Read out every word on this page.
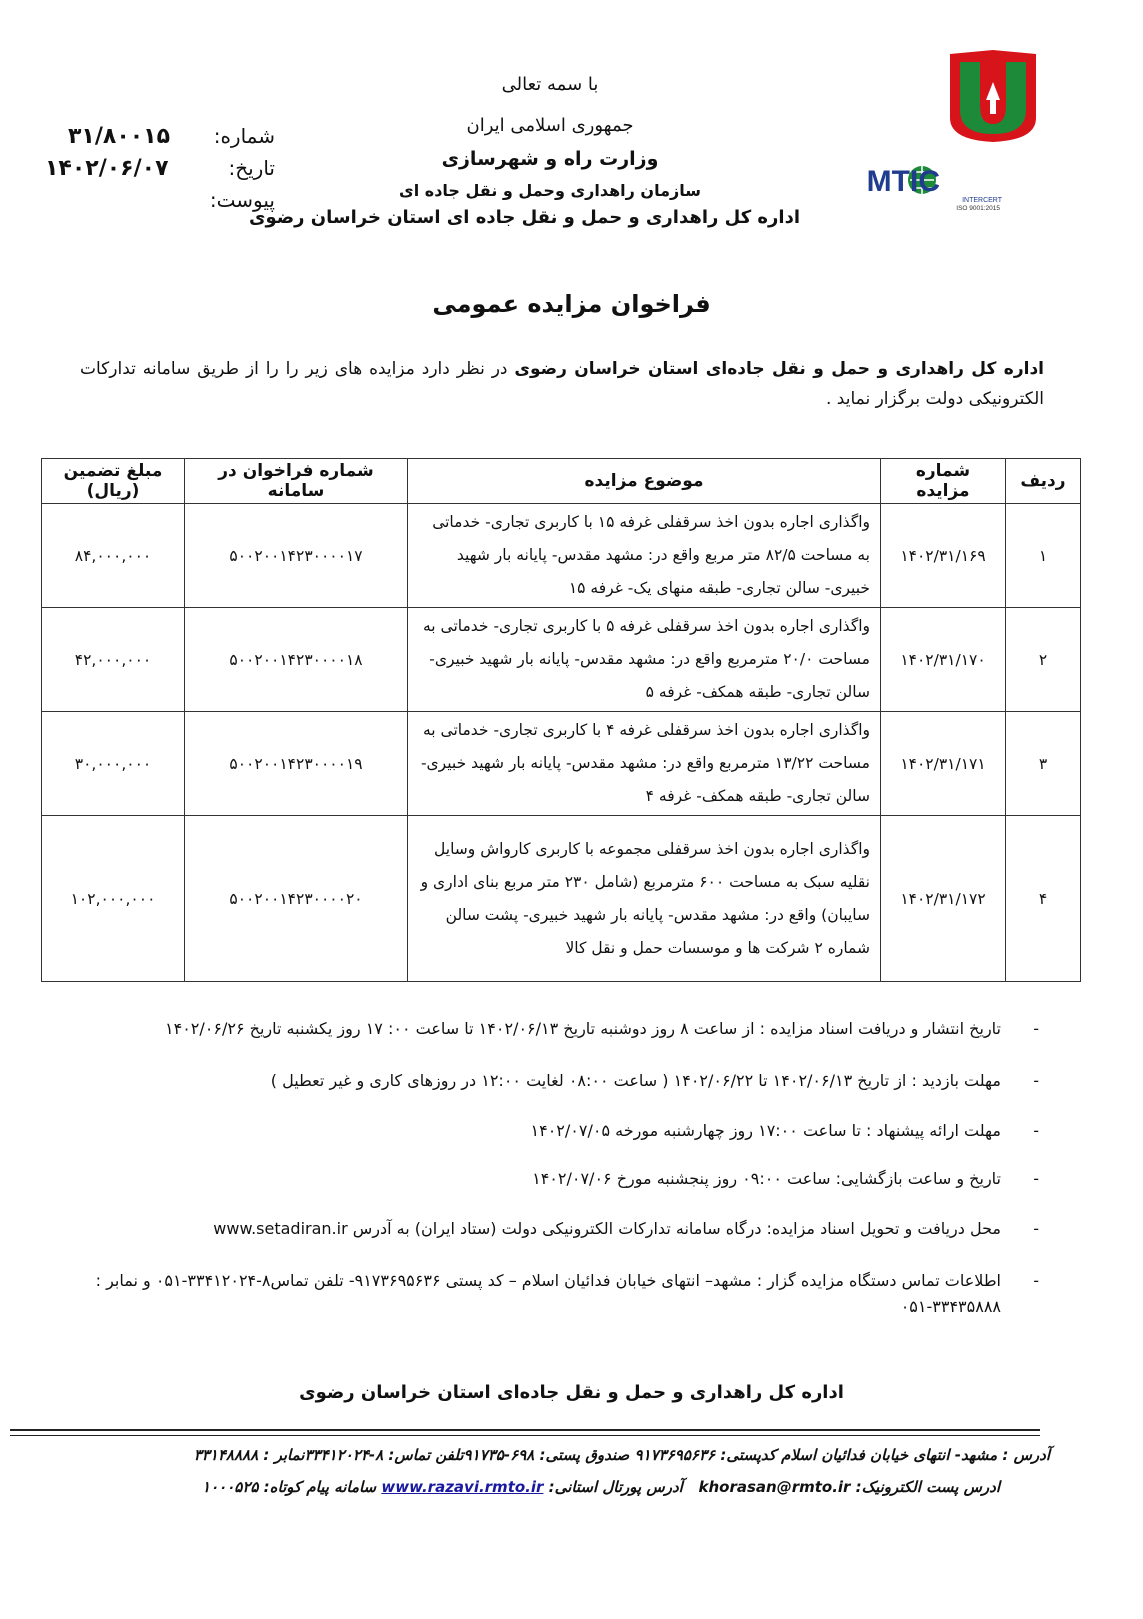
MTIC
INTERCERT
ISO 9001:2015
با سمه تعالی
جمهوری اسلامی ایران
وزارت راه و شهرسازی
سازمان راهداری وحمل و نقل جاده ای
اداره کل راهداری و حمل و نقل جاده ای استان خراسان رضوی
شماره:
۳۱/۸۰۰۱۵
تاریخ:
۱۴۰۲/۰۶/۰۷
پیوست:
فراخوان مزایده عمومی
اداره کل راهداری و حمل و نقل جاده‌ای استان خراسان رضوی در نظر دارد مزایده های زیر را را از طریق سامانه تدارکات الکترونیکی دولت برگزار نماید .
ردیف	شماره مزایده	موضوع مزایده	شماره فراخوان در سامانه	مبلغ تضمین (ریال)
۱	۱۴۰۲/۳۱/۱۶۹	واگذاری اجاره بدون اخذ سرقفلی غرفه ۱۵ با کاربری تجاری- خدماتی به مساحت ۸۲/۵ متر مربع واقع در: مشهد مقدس- پایانه بار شهید خبیری- سالن تجاری- طبقه منهای یک- غرفه ۱۵	۵۰۰۲۰۰۱۴۲۳۰۰۰۰۱۷	۸۴,۰۰۰,۰۰۰
۲	۱۴۰۲/۳۱/۱۷۰	واگذاری اجاره بدون اخذ سرقفلی غرفه ۵ با کاربری تجاری- خدماتی به مساحت ۲۰/۰ مترمربع واقع در: مشهد مقدس- پایانه بار شهید خبیری- سالن تجاری- طبقه همکف- غرفه ۵	۵۰۰۲۰۰۱۴۲۳۰۰۰۰۱۸	۴۲,۰۰۰,۰۰۰
۳	۱۴۰۲/۳۱/۱۷۱	واگذاری اجاره بدون اخذ سرقفلی غرفه ۴ با کاربری تجاری- خدماتی به مساحت ۱۳/۲۲ مترمربع واقع در: مشهد مقدس- پایانه بار شهید خبیری- سالن تجاری- طبقه همکف- غرفه ۴	۵۰۰۲۰۰۱۴۲۳۰۰۰۰۱۹	۳۰,۰۰۰,۰۰۰
۴	۱۴۰۲/۳۱/۱۷۲	واگذاری اجاره بدون اخذ سرقفلی مجموعه با کاربری کارواش وسایل نقلیه سبک به مساحت ۶۰۰ مترمربع (شامل ۲۳۰ متر مربع بنای اداری و سایبان) واقع در: مشهد مقدس- پایانه بار شهید خبیری- پشت سالن شماره ۲ شرکت ها و موسسات حمل و نقل کالا	۵۰۰۲۰۰۱۴۲۳۰۰۰۰۲۰	۱۰۲,۰۰۰,۰۰۰
-
تاریخ انتشار و دریافت اسناد مزایده : از ساعت ۸ روز دوشنبه تاریخ ۱۴۰۲/۰۶/۱۳ تا ساعت ۰۰: ۱۷ روز یکشنبه تاریخ ۱۴۰۲/۰۶/۲۶
-
مهلت بازدید : از تاریخ ۱۴۰۲/۰۶/۱۳ تا ۱۴۰۲/۰۶/۲۲ ( ساعت ۰۸:۰۰ لغایت ۱۲:۰۰ در روزهای کاری و غیر تعطیل )
-
مهلت ارائه پیشنهاد : تا ساعت ۱۷:۰۰ روز چهارشنبه مورخه ۱۴۰۲/۰۷/۰۵
-
تاریخ و ساعت بازگشایی: ساعت ۰۹:۰۰ روز پنجشنبه مورخ ۱۴۰۲/۰۷/۰۶
-
محل دریافت و تحویل اسناد مزایده: درگاه سامانه تدارکات الکترونیکی دولت (ستاد ایران) به آدرس www.setadiran.ir
-
اطلاعات تماس دستگاه مزایده گزار : مشهد– انتهای خیابان فدائیان اسلام – کد پستی ۹۱۷۳۶۹۵۶۳۶- تلفن تماس۸-۳۳۴۱۲۰۲۴-۰۵۱ و نمابر : ۳۳۴۳۵۸۸۸-۰۵۱
اداره کل راهداری و حمل و نقل جاده‌ای استان خراسان رضوی
آدرس : مشهد- انتهای خیابان فدائیان اسلام کدپستی: ۹۱۷۳۶۹۵۶۳۶ صندوق پستی: ۶۹۸-۹۱۷۳۵تلفن تماس: ۸-۳۳۴۱۲۰۲۴نمابر : ۳۳۱۴۸۸۸۸
ادرس پست الکترونیک: khorasan@rmto.ir   آدرس پورتال استانی: www.razavi.rmto.ir سامانه پیام کوتاه: ۱۰۰۰۵۲۵
